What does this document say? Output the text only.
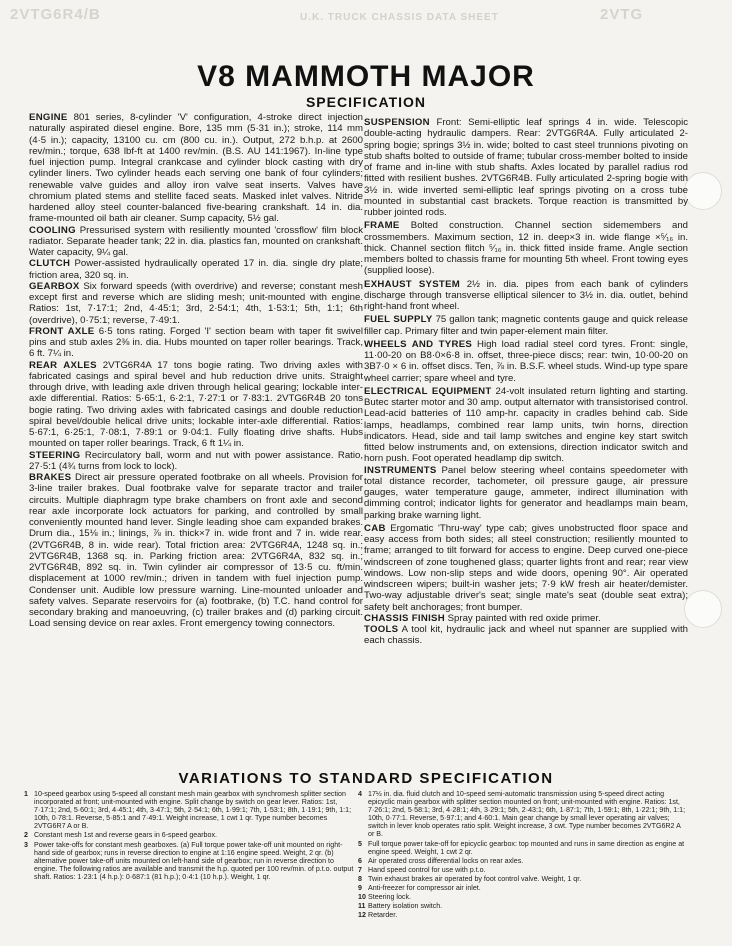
2VTG6R4/B	U.K. TRUCK CHASSIS DATA SHEET	2VTG
V8 MAMMOTH MAJOR
SPECIFICATION

ENGINE 801 series, 8-cylinder 'V' configuration, 4-stroke direct injection naturally aspirated diesel engine. Bore, 135 mm (5·31 in.); stroke, 114 mm (4·5 in.); capacity, 13100 cu. cm (800 cu. in.). Output, 272 b.h.p. at 2600 rev/min.; torque, 638 lbf-ft at 1400 rev/min. (B.S. AU 141:1967). In-line type fuel injection pump. Integral crankcase and cylinder block casting with dry cylinder liners. Two cylinder heads each serving one bank of four cylinders; renewable valve guides and alloy iron valve seat inserts. Valves have chromium plated stems and stellite faced seats. Masked inlet valves. Nitride hardened alloy steel counter-balanced five-bearing crankshaft. 14 in. dia. frame-mounted oil bath air cleaner. Sump capacity, 5½ gal.

COOLING Pressurised system with resiliently mounted 'crossflow' film block radiator. Separate header tank; 22 in. dia. plastics fan, mounted on crankshaft. Water capacity, 9¼ gal.

CLUTCH Power-assisted hydraulically operated 17 in. dia. single dry plate; friction area, 320 sq. in.

GEARBOX Six forward speeds (with overdrive) and reverse; constant mesh except first and reverse which are sliding mesh; unit-mounted with engine. Ratios: 1st, 7·17:1; 2nd, 4·45:1; 3rd, 2·54:1; 4th, 1·53:1; 5th, 1:1; 6th (overdrive), 0·75:1; reverse, 7·49:1.

FRONT AXLE 6·5 tons rating. Forged 'I' section beam with taper fit swivel pins and stub axles 2⅜ in. dia. Hubs mounted on taper roller bearings. Track, 6 ft. 7¼ in.

REAR AXLES 2VTG6R4A 17 tons bogie rating. Two driving axles with fabricated casings and spiral bevel and hub reduction drive units. Straight through drive, with leading axle driven through helical gearing; lockable inter-axle differential. Ratios: 5·65:1, 6·2:1, 7·27:1 or 7·83:1. 2VTG6R4B 20 tons bogie rating. Two driving axles with fabricated casings and double reduction spiral bevel/double helical drive units; lockable inter-axle differential. Ratios: 5·67:1, 6·25:1, 7·08:1, 7·89:1 or 9·04:1. Fully floating drive shafts. Hubs mounted on taper roller bearings. Track, 6 ft 1¼ in.

STEERING Recirculatory ball, worm and nut with power assistance. Ratio, 27·5:1 (4¾ turns from lock to lock).

BRAKES Direct air pressure operated footbrake on all wheels. Provision for 3-line trailer brakes. Dual footbrake valve for separate tractor and trailer circuits. Multiple diaphragm type brake chambers on front axle and second rear axle incorporate lock actuators for parking, and controlled by small conveniently mounted hand lever. Single leading shoe cam expanded brakes. Drum dia., 15⅛ in.; linings, ⅞ in. thick×7 in. wide front and 7 in. wide rear. (2VTG6R4B, 8 in. wide rear). Total friction area: 2VTG6R4A, 1248 sq. in.; 2VTG6R4B, 1368 sq. in. Parking friction area: 2VTG6R4A, 832 sq. in.; 2VTG6R4B, 892 sq. in. Twin cylinder air compressor of 13·5 cu. ft/min. displacement at 1000 rev/min.; driven in tandem with fuel injection pump. Condenser unit. Audible low pressure warning. Line-mounted unloader and safety valves. Separate reservoirs for (a) footbrake, (b) T.C. hand control for secondary braking and manoeuvring, (c) trailer brakes and (d) parking circuit. Load sensing device on rear axles. Front emergency towing connectors.

SUSPENSION Front: Semi-elliptic leaf springs 4 in. wide. Telescopic double-acting hydraulic dampers. Rear: 2VTG6R4A. Fully articulated 2-spring bogie; springs 3½ in. wide; bolted to cast steel trunnions pivoting on stub shafts bolted to outside of frame; tubular cross-member bolted to inside of frame and in-line with stub shafts. Axles located by parallel radius rod fitted with resilient bushes. 2VTG6R4B. Fully articulated 2-spring bogie with 3½ in. wide inverted semi-elliptic leaf springs pivoting on a cross tube mounted in substantial cast brackets. Torque reaction is transmitted by rubber jointed rods.

FRAME Bolted construction. Channel section sidemembers and crossmembers. Maximum section, 12 in. deep×3 in. wide flange ×⁵⁄₁₆ in. thick. Channel section flitch ⁵⁄₁₆ in. thick fitted inside frame. Angle section members bolted to chassis frame for mounting 5th wheel. Front towing eyes (supplied loose).

EXHAUST SYSTEM 2½ in. dia. pipes from each bank of cylinders discharge through transverse elliptical silencer to 3½ in. dia. outlet, behind right-hand front wheel.

FUEL SUPPLY 75 gallon tank; magnetic contents gauge and quick release filler cap. Primary filter and twin paper-element main filter.

WHEELS AND TYRES High load radial steel cord tyres. Front: single, 11·00-20 on B8·0×6·8 in. offset, three-piece discs; rear: twin, 10·00-20 on 3B7·0 × 6 in. offset discs. Ten, ⅞ in. B.S.F. wheel studs. Wind-up type spare wheel carrier; spare wheel and tyre.

ELECTRICAL EQUIPMENT 24-volt insulated return lighting and starting. Butec starter motor and 30 amp. output alternator with transistorised control. Lead-acid batteries of 110 amp-hr. capacity in cradles behind cab. Side lamps, headlamps, combined rear lamp units, twin horns, direction indicators. Head, side and tail lamp switches and engine key start switch fitted below instruments and, on extensions, direction indicator switch and horn push. Foot operated headlamp dip switch.

INSTRUMENTS Panel below steering wheel contains speedometer with total distance recorder, tachometer, oil pressure gauge, air pressure gauges, water temperature gauge, ammeter, indirect illumination with dimming control; indicator lights for generator and headlamps main beam, parking brake warning light.

CAB Ergomatic 'Thru-way' type cab; gives unobstructed floor space and easy access from both sides; all steel construction; resiliently mounted to frame; arranged to tilt forward for access to engine. Deep curved one-piece windscreen of zone toughened glass; quarter lights front and rear; rear view windows. Low non-slip steps and wide doors, opening 90°. Air operated windscreen wipers; built-in washer jets; 7·9 kW fresh air heater/demister. Two-way adjustable driver's seat; single mate's seat (double seat extra); safety belt anchorages; front bumper.

CHASSIS FINISH Spray painted with red oxide primer.

TOOLS A tool kit, hydraulic jack and wheel nut spanner are supplied with each chassis.

VARIATIONS TO STANDARD SPECIFICATION
1 10-speed gearbox using 5-speed all constant mesh main gearbox with synchromesh splitter section incorporated at front; unit-mounted with engine. Split change by switch on gear lever. Ratios: 1st, 7·17:1; 2nd, 5·60:1; 3rd, 4·45:1; 4th, 3·47:1; 5th, 2·54:1; 6th, 1·99:1; 7th, 1·53:1; 8th, 1·19:1; 9th, 1:1; 10th, 0·78:1. Reverse, 5·85:1 and 7·49:1. Weight increase, 1 cwt 1 qr. Type number becomes 2VTG6R7 A or B.
2 Constant mesh 1st and reverse gears in 6-speed gearbox.
3 Power take-offs for constant mesh gearboxes. (a) Full torque power take-off unit mounted on right-hand side of gearbox; runs in reverse direction to engine at 1:16 engine speed. Weight, 2 qr. (b) alternative power take-off units mounted on left-hand side of gearbox; run in reverse direction to engine. The following ratios are available and transmit the h.p. quoted per 100 rev/min. of p.t.o. output shaft. Ratios: 1·23:1 (4 h.p.): 0·687:1 (81 h.p.); 0·4:1 (10 h.p.). Weight, 1 qr.
4 17½ in. dia. fluid clutch and 10-speed semi-automatic transmission using 5-speed direct acting epicyclic main gearbox with splitter section mounted on front; unit-mounted with engine. Ratios: 1st, 7·26:1; 2nd, 5·58:1; 3rd, 4·28:1; 4th, 3·29:1; 5th, 2·43:1; 6th, 1·87:1; 7th, 1·59:1; 8th, 1·22:1; 9th, 1:1; 10th, 0·77:1. Reverse, 5·97:1; and 4·60:1. Main gear change by small lever operating air valves; switch in lever knob operates ratio split. Weight increase, 3 cwt. Type number becomes 2VTG6R2 A or B.
5 Full torque power take-off for epicyclic gearbox: top mounted and runs in same direction as engine at engine speed. Weight, 1 cwt 2 qr.
6 Air operated cross differential locks on rear axles.
7 Hand speed control for use with p.t.o.
8 Twin exhaust brakes air operated by foot control valve. Weight, 1 qr.
9 Anti-freezer for compressor air inlet.
10 Steering lock.
11 Battery isolation switch.
12 Retarder.
